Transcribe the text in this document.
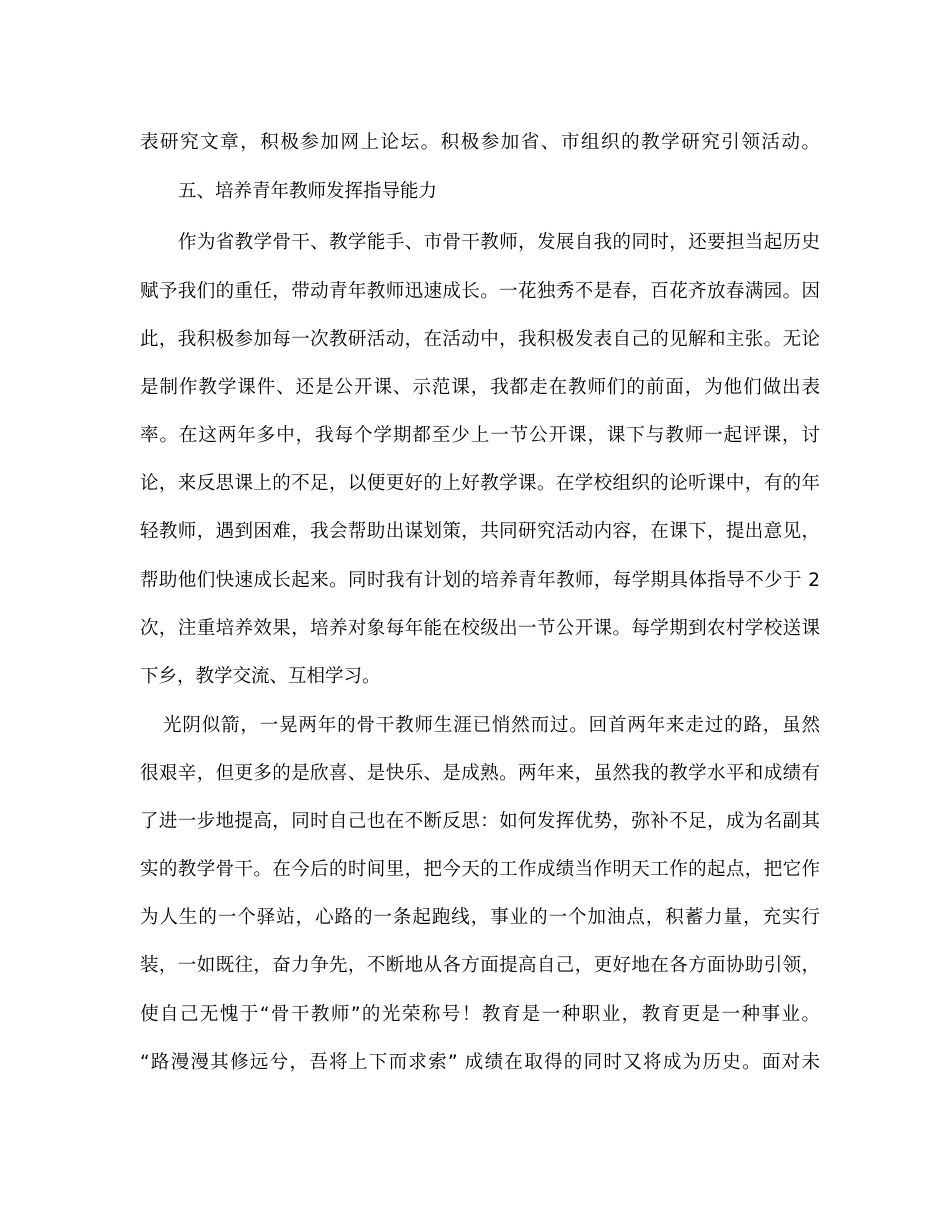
表研究文章，积极参加网上论坛。积极参加省、市组织的教学研究引领活动。
五、培养青年教师发挥指导能力
作为省教学骨干、教学能手、市骨干教师，发展自我的同时，还要担当起历史
赋予我们的重任，带动青年教师迅速成长。一花独秀不是春，百花齐放春满园。因
此，我积极参加每一次教研活动，在活动中，我积极发表自己的见解和主张。无论
是制作教学课件、还是公开课、示范课，我都走在教师们的前面，为他们做出表
率。在这两年多中，我每个学期都至少上一节公开课，课下与教师一起评课，讨
论，来反思课上的不足，以便更好的上好教学课。在学校组织的论听课中，有的年
轻教师，遇到困难，我会帮助出谋划策，共同研究活动内容，在课下，提出意见，
帮助他们快速成长起来。同时我有计划的培养青年教师，每学期具体指导不少于 2
次，注重培养效果，培养对象每年能在校级出一节公开课。每学期到农村学校送课
下乡，教学交流、互相学习。
光阴似箭，一晃两年的骨干教师生涯已悄然而过。回首两年来走过的路，虽然
很艰辛，但更多的是欣喜、是快乐、是成熟。两年来，虽然我的教学水平和成绩有
了进一步地提高，同时自己也在不断反思：如何发挥优势，弥补不足，成为名副其
实的教学骨干。在今后的时间里，把今天的工作成绩当作明天工作的起点，把它作
为人生的一个驿站，心路的一条起跑线，事业的一个加油点，积蓄力量，充实行
装，一如既往，奋力争先，不断地从各方面提高自己，更好地在各方面协助引领，
使自己无愧于“骨干教师”的光荣称号！教育是一种职业，教育更是一种事业。
“路漫漫其修远兮，吾将上下而求索” 成绩在取得的同时又将成为历史。面对未
